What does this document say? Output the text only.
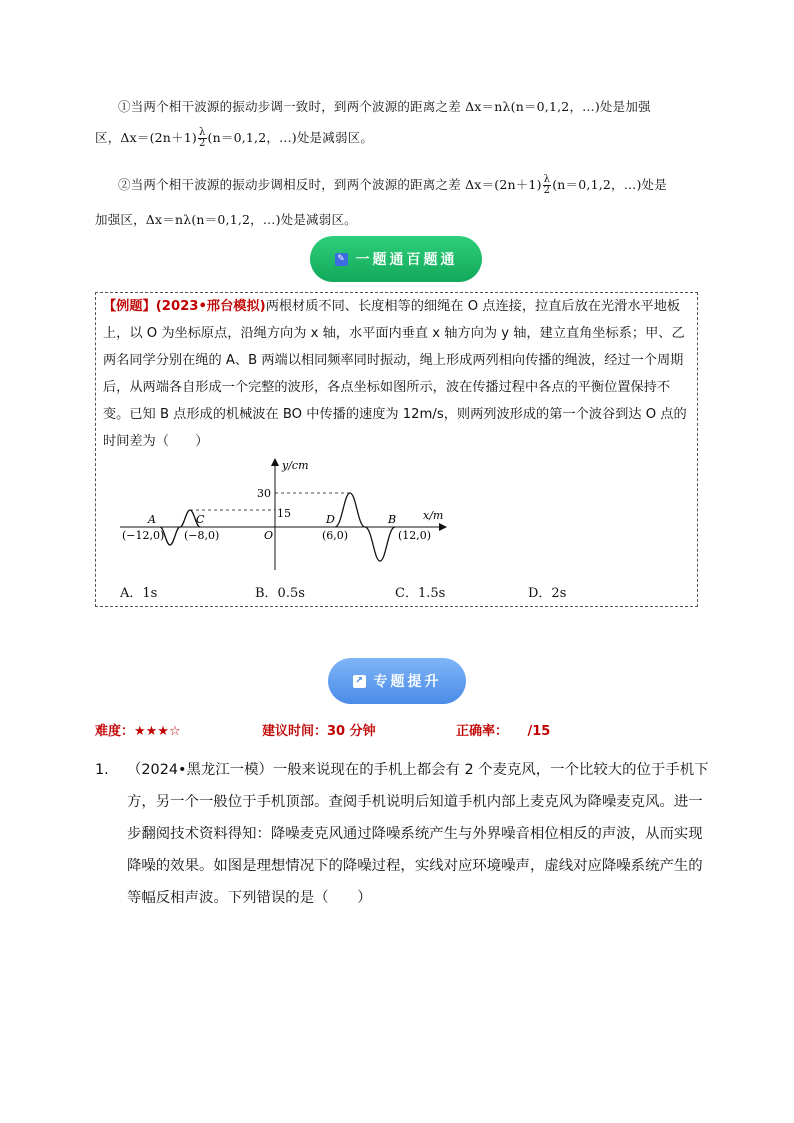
①当两个相干波源的振动步调一致时，到两个波源的距离之差 Δx＝nλ(n＝0,1,2，…)处是加强
区，$\Delta x=(2n+1) \frac{\lambda}{2} (n=0,1,2$，…)处是减弱区。
②当两个相干波源的振动步调相反时，到两个波源的距离之差 $\Delta x=(2n+1) \frac{\lambda}{2} (n=0,1,2$，…)处是
加强区，Δx＝nλ(n＝0,1,2，…)处是减弱区。
✎ 一题通百题通
【例题】(2023•邢台模拟)两根材质不同、长度相等的细绳在 O 点连接，拉直后放在光滑水平地板上，以 O 为坐标原点，沿绳方向为 x 轴，水平面内垂直 x 轴方向为 y 轴，建立直角坐标系；甲、乙两名同学分别在绳的 A、B 两端以相同频率同时振动，绳上形成两列相向传播的绳波，经过一个周期后，从两端各自形成一个完整的波形，各点坐标如图所示，波在传播过程中各点的平衡位置保持不变。已知 B 点形成的机械波在 BO 中传播的速度为 12m/s，则两列波形成的第一个波谷到达 O 点的时间差为（　　）
y/cm
x/m
30
15
A	C
O
D	B
(−12,0) (−8,0)	(6,0)	(12,0)
A．1s	B．0.5s	C．1.5s	D．2s
↗ 专题提升
难度：★★★☆	建议时间：30 分钟	正确率：　　/15
1.	（2024•黑龙江一模）一般来说现在的手机上都会有 2 个麦克风，一个比较大的位于手机下方，另一个一般位于手机顶部。查阅手机说明后知道手机内部上麦克风为降噪麦克风。进一步翻阅技术资料得知：降噪麦克风通过降噪系统产生与外界噪音相位相反的声波，从而实现降噪的效果。如图是理想情况下的降噪过程，实线对应环境噪声，虚线对应降噪系统产生的等幅反相声波。下列错误的是（　　）
